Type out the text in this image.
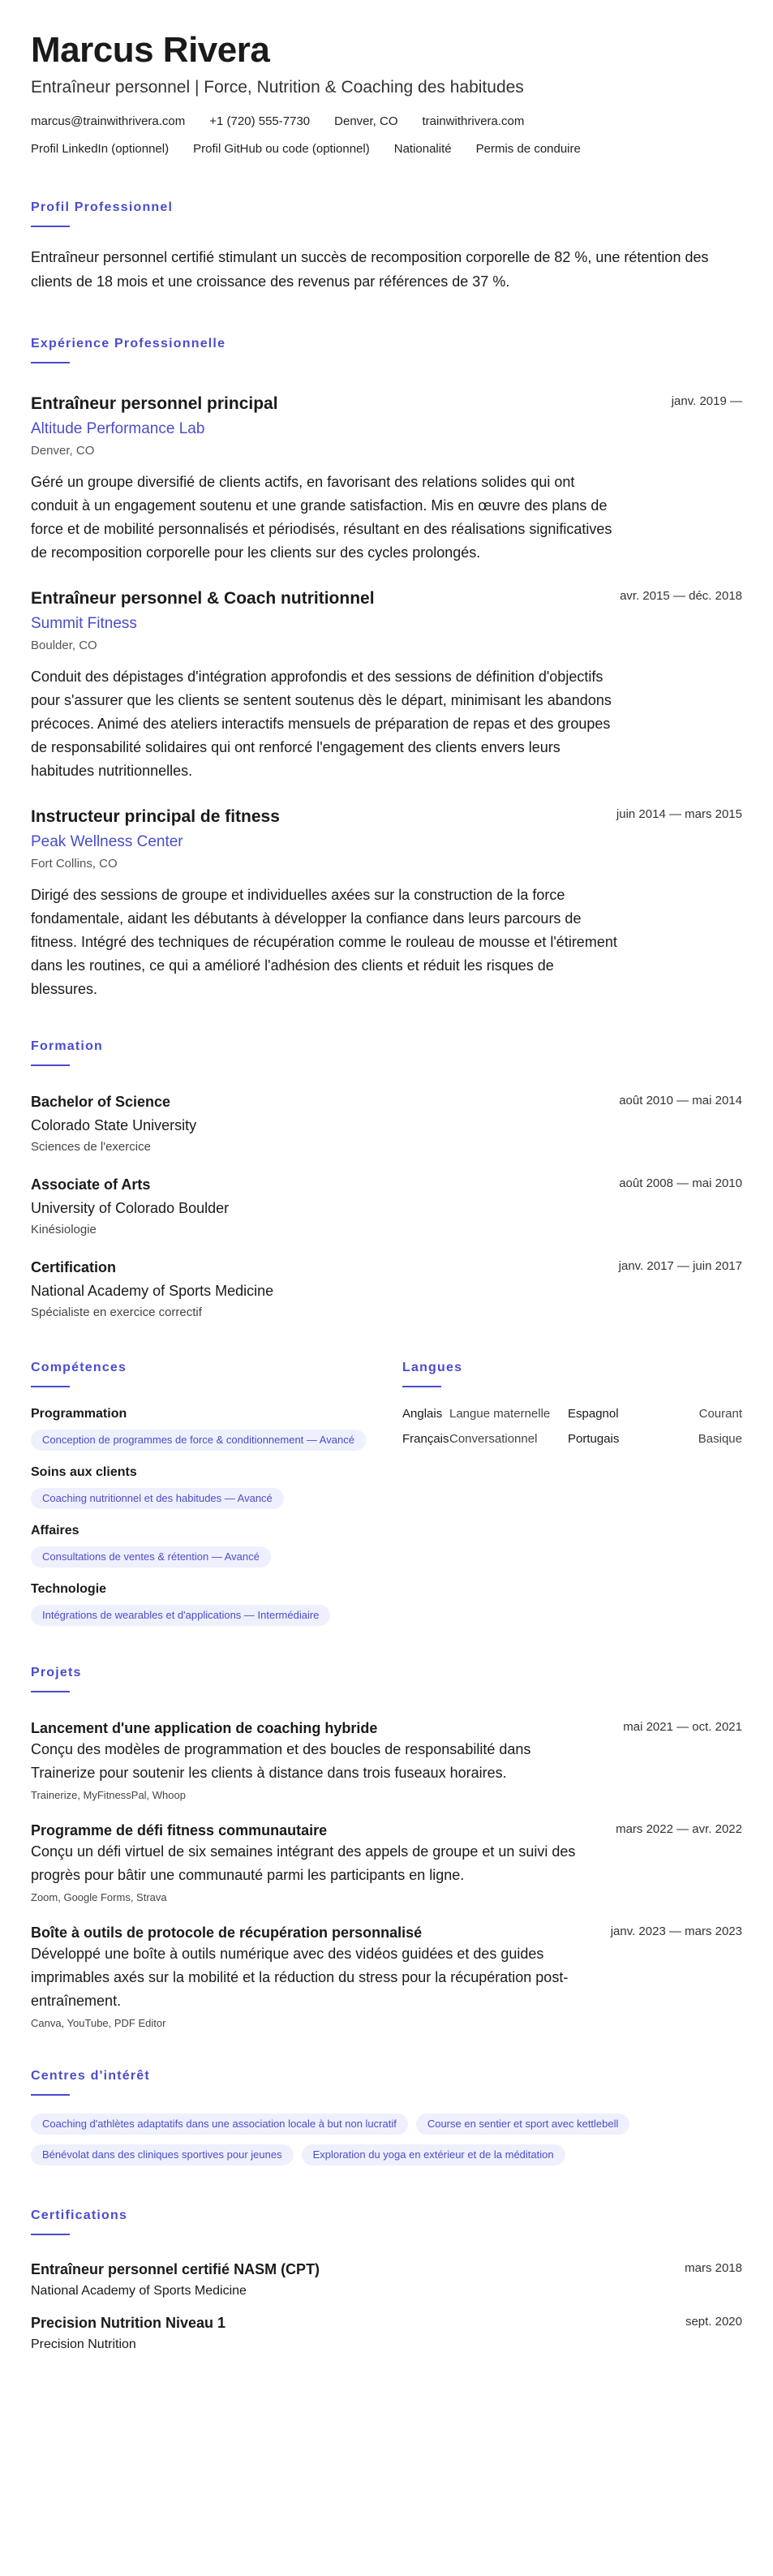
Marcus Rivera
Entraîneur personnel | Force, Nutrition & Coaching des habitudes
marcus@trainwithrivera.com +1 (720) 555-7730 Denver, CO trainwithrivera.com
Profil LinkedIn (optionnel) Profil GitHub ou code (optionnel) Nationalité Permis de conduire
Profil Professionnel
Entraîneur personnel certifié stimulant un succès de recomposition corporelle de 82 %, une rétention des clients de 18 mois et une croissance des revenus par références de 37 %.
Expérience Professionnelle
Entraîneur personnel principal	janv. 2019 —
Altitude Performance Lab
Denver, CO
Géré un groupe diversifié de clients actifs, en favorisant des relations solides qui ont conduit à un engagement soutenu et une grande satisfaction. Mis en œuvre des plans de force et de mobilité personnalisés et périodisés, résultant en des réalisations significatives de recomposition corporelle pour les clients sur des cycles prolongés.
Entraîneur personnel & Coach nutritionnel	avr. 2015 — déc. 2018
Summit Fitness
Boulder, CO
Conduit des dépistages d'intégration approfondis et des sessions de définition d'objectifs pour s'assurer que les clients se sentent soutenus dès le départ, minimisant les abandons précoces. Animé des ateliers interactifs mensuels de préparation de repas et des groupes de responsabilité solidaires qui ont renforcé l'engagement des clients envers leurs habitudes nutritionnelles.
Instructeur principal de fitness	juin 2014 — mars 2015
Peak Wellness Center
Fort Collins, CO
Dirigé des sessions de groupe et individuelles axées sur la construction de la force fondamentale, aidant les débutants à développer la confiance dans leurs parcours de fitness. Intégré des techniques de récupération comme le rouleau de mousse et l'étirement dans les routines, ce qui a amélioré l'adhésion des clients et réduit les risques de blessures.
Formation
Bachelor of Science	août 2010 — mai 2014
Colorado State University
Sciences de l'exercice
Associate of Arts	août 2008 — mai 2010
University of Colorado Boulder
Kinésiologie
Certification	janv. 2017 — juin 2017
National Academy of Sports Medicine
Spécialiste en exercice correctif
Compétences
Programmation
Conception de programmes de force & conditionnement — Avancé
Soins aux clients
Coaching nutritionnel et des habitudes — Avancé
Affaires
Consultations de ventes & rétention — Avancé
Technologie
Intégrations de wearables et d'applications — Intermédiaire
Langues
Anglais Langue maternelle	Espagnol	Courant
Français Conversationnel	Portugais	Basique
Projets
Lancement d'une application de coaching hybride	mai 2021 — oct. 2021
Conçu des modèles de programmation et des boucles de responsabilité dans Trainerize pour soutenir les clients à distance dans trois fuseaux horaires.
Trainerize, MyFitnessPal, Whoop
Programme de défi fitness communautaire	mars 2022 — avr. 2022
Conçu un défi virtuel de six semaines intégrant des appels de groupe et un suivi des progrès pour bâtir une communauté parmi les participants en ligne.
Zoom, Google Forms, Strava
Boîte à outils de protocole de récupération personnalisé	janv. 2023 — mars 2023
Développé une boîte à outils numérique avec des vidéos guidées et des guides imprimables axés sur la mobilité et la réduction du stress pour la récupération post-entraînement.
Canva, YouTube, PDF Editor
Centres d'intérêt
Coaching d'athlètes adaptatifs dans une association locale à but non lucratif	Course en sentier et sport avec kettlebell
Bénévolat dans des cliniques sportives pour jeunes	Exploration du yoga en extérieur et de la méditation
Certifications
Entraîneur personnel certifié NASM (CPT)	mars 2018
National Academy of Sports Medicine
Precision Nutrition Niveau 1	sept. 2020
Precision Nutrition
